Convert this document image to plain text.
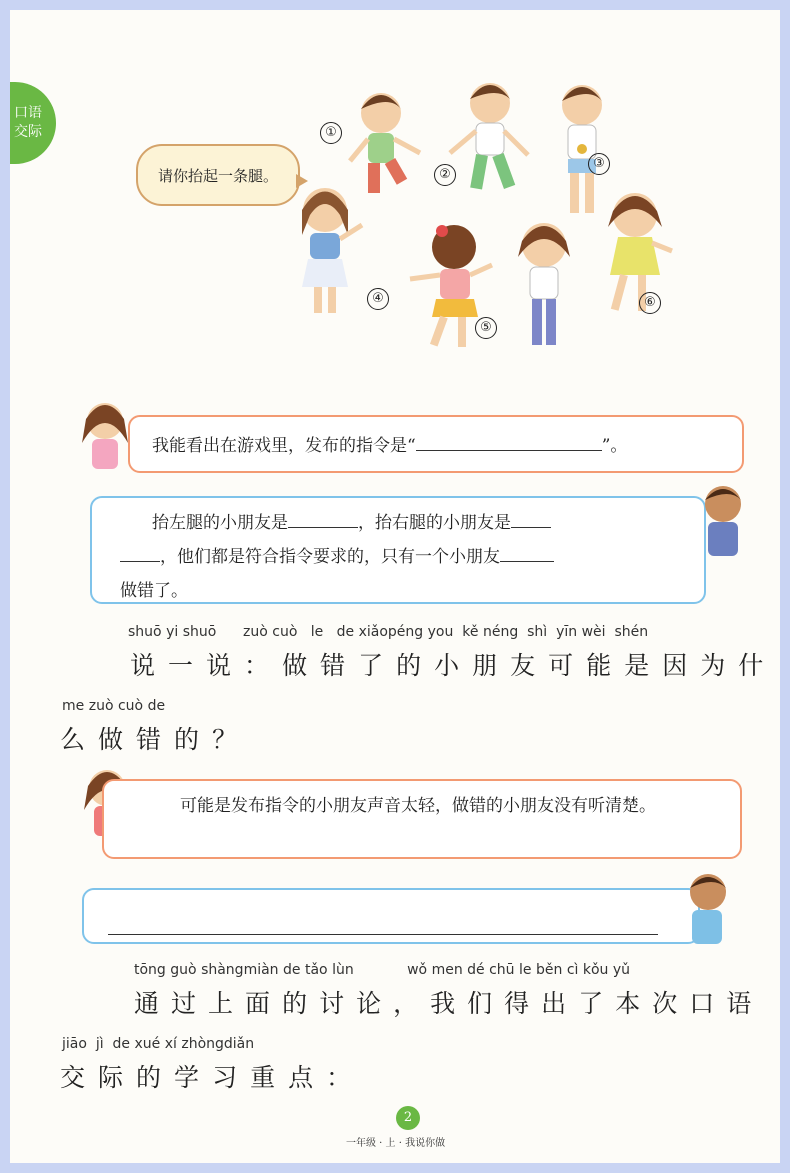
口语
交际
请你抬起一条腿。
①
②
③
④
⑤
⑥
我能看出在游戏里，发布的指令是“	”。
抬左腿的小朋友是	，抬右腿的小朋友是
，他们都是符合指令要求的，只有一个小朋友
做错了。
shuō yi shuō zuò cuò le de xiǎopéng you kě néng shì yīn wèi shén
说一说：做错了的小朋友可能是因为什
me zuò cuò de
么做错的？
可能是发布指令的小朋友声音太轻，做错的小朋友没有听清楚。
tōng guò shàngmiàn de tǎo lùn	wǒ men dé chū le běn cì kǒu yǔ
通过上面的讨论，我们得出了本次口语
jiāo jì de xué xí zhòngdiǎn
交际的学习重点：
2
一年级 · 上 · 我说你做
